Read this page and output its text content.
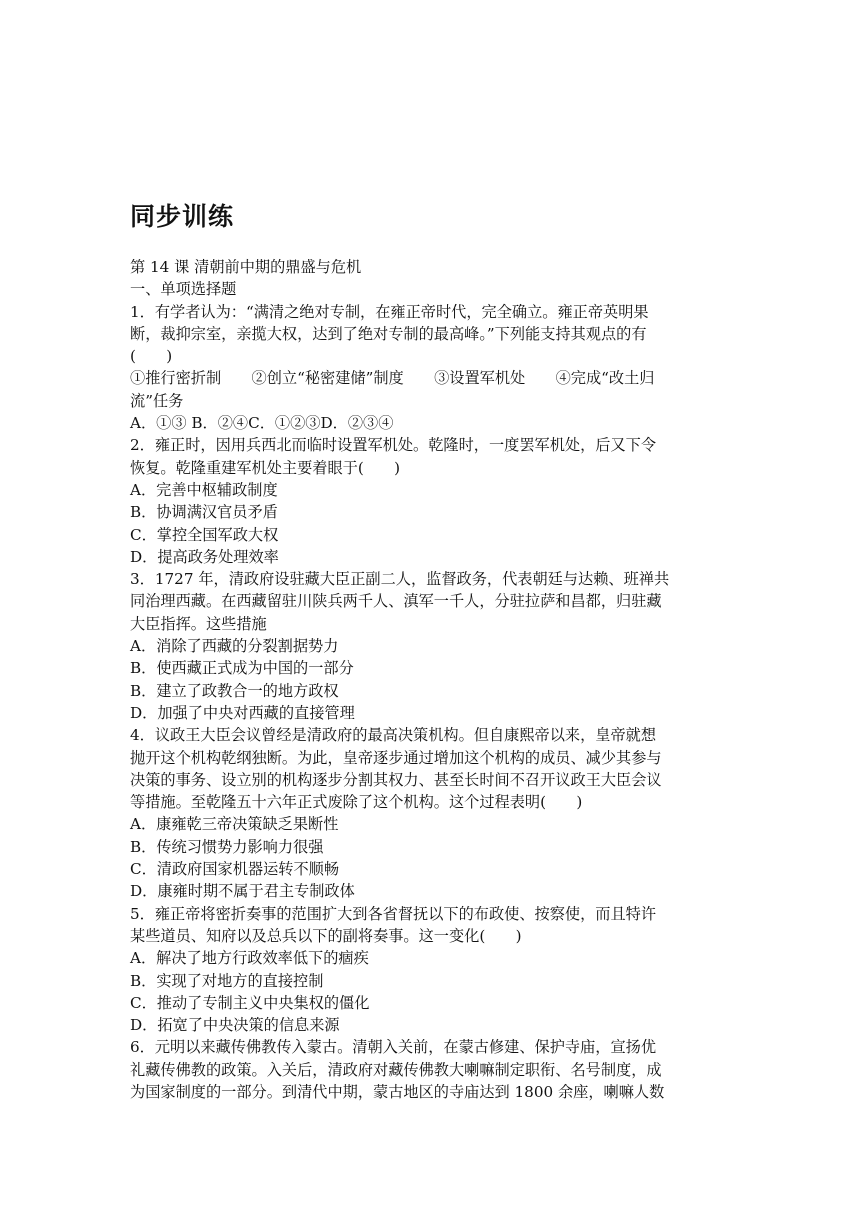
同步训练
第 14 课 清朝前中期的鼎盛与危机
一、单项选择题
1．有学者认为：“满清之绝对专制，在雍正帝时代，完全确立。雍正帝英明果
断，裁抑宗室，亲揽大权，达到了绝对专制的最高峰。”下列能支持其观点的有
(　　)
①推行密折制　　②创立“秘密建储”制度　　③设置军机处　　④完成“改土归
流”任务
A．①③ B．②④C．①②③D．②③④
2．雍正时，因用兵西北而临时设置军机处。乾隆时，一度罢军机处，后又下令
恢复。乾隆重建军机处主要着眼于(　　)
A．完善中枢辅政制度
B．协调满汉官员矛盾
C．掌控全国军政大权
D．提高政务处理效率
3．1727 年，清政府设驻藏大臣正副二人，监督政务，代表朝廷与达赖、班禅共
同治理西藏。在西藏留驻川陕兵两千人、滇军一千人，分驻拉萨和昌都，归驻藏
大臣指挥。这些措施
A．消除了西藏的分裂割据势力
B．使西藏正式成为中国的一部分
B．建立了政教合一的地方政权
D．加强了中央对西藏的直接管理
4．议政王大臣会议曾经是清政府的最高决策机构。但自康熙帝以来，皇帝就想
抛开这个机构乾纲独断。为此，皇帝逐步通过增加这个机构的成员、减少其参与
决策的事务、设立别的机构逐步分割其权力、甚至长时间不召开议政王大臣会议
等措施。至乾隆五十六年正式废除了这个机构。这个过程表明(　　)
A．康雍乾三帝决策缺乏果断性
B．传统习惯势力影响力很强
C．清政府国家机器运转不顺畅
D．康雍时期不属于君主专制政体
5．雍正帝将密折奏事的范围扩大到各省督抚以下的布政使、按察使，而且特许
某些道员、知府以及总兵以下的副将奏事。这一变化(　　)
A．解决了地方行政效率低下的痼疾
B．实现了对地方的直接控制
C．推动了专制主义中央集权的僵化
D．拓宽了中央决策的信息来源
6．元明以来藏传佛教传入蒙古。清朝入关前，在蒙古修建、保护寺庙，宣扬优
礼藏传佛教的政策。入关后，清政府对藏传佛教大喇嘛制定职衔、名号制度，成
为国家制度的一部分。到清代中期，蒙古地区的寺庙达到 1800 余座，喇嘛人数
